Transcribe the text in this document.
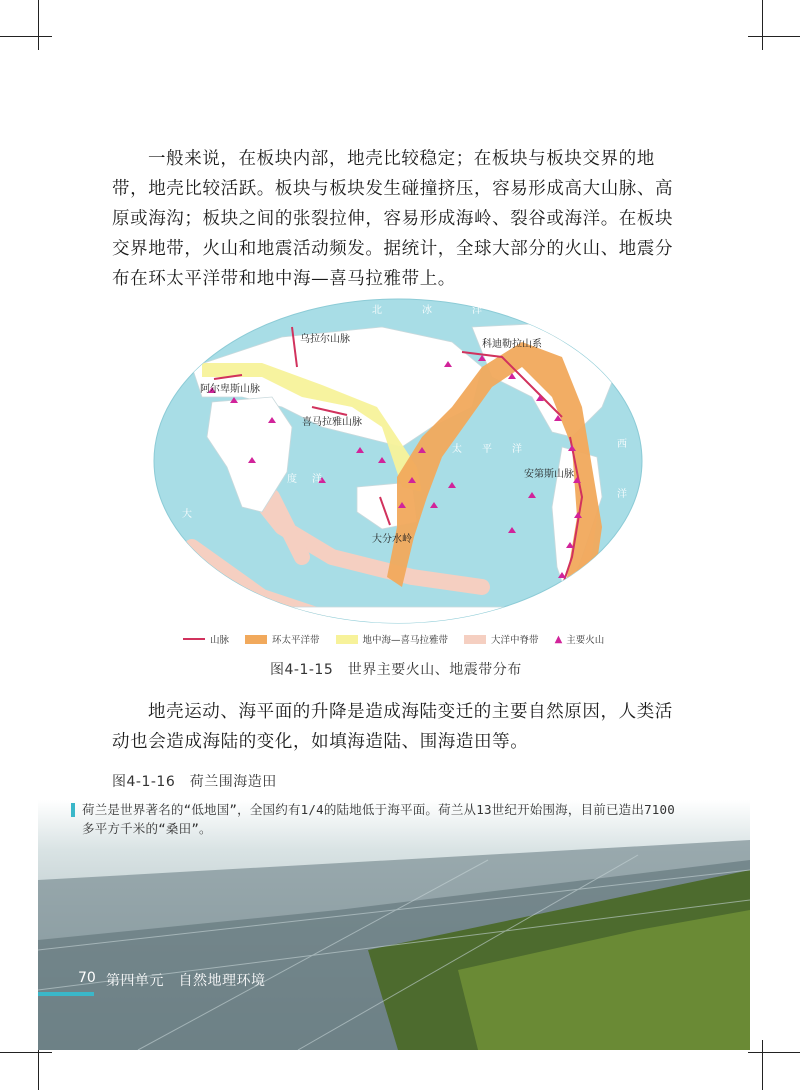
一般来说，在板块内部，地壳比较稳定；在板块与板块交界的地带，地壳比较活跃。板块与板块发生碰撞挤压，容易形成高大山脉、高原或海沟；板块之间的张裂拉伸，容易形成海岭、裂谷或海洋。在板块交界地带，火山和地震活动频发。据统计，全球大部分的火山、地震分布在环太平洋带和地中海—喜马拉雅带上。

北	冰	洋
太 平 洋
印 度 洋
大
西
洋
乌拉尔山脉
阿尔卑斯山脉
喜马拉雅山脉
大分水岭
科迪勒拉山系
安第斯山脉
山脉	环太平洋带	地中海—喜马拉雅带	大洋中脊带 ▲ 主要火山
图4-1-15　世界主要火山、地震带分布

地壳运动、海平面的升降是造成海陆变迁的主要自然原因，人类活动也会造成海陆的变化，如填海造陆、围海造田等。

图4-1-16　荷兰围海造田
荷兰是世界著名的“低地国”，全国约有1/4的陆地低于海平面。荷兰从13世纪开始围海，目前已造出7100多平方千米的“桑田”。
70 第四单元　自然地理环境
